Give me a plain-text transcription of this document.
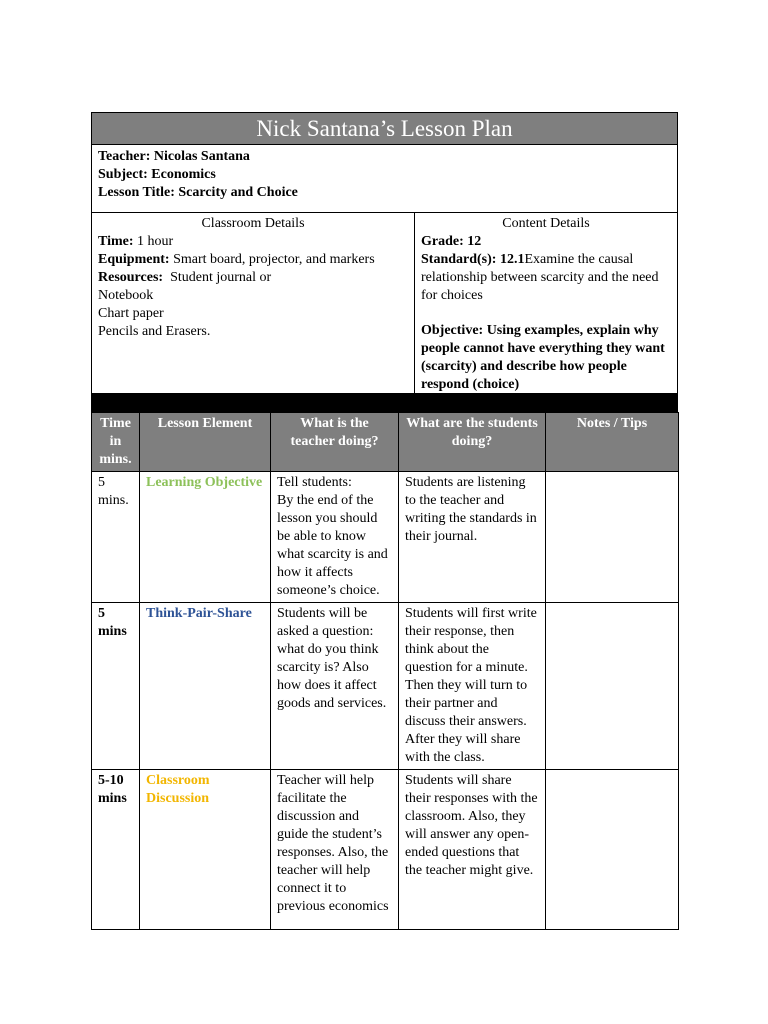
Nick Santana’s Lesson Plan
Teacher: Nicolas Santana
Subject: Economics
Lesson Title: Scarcity and Choice
Classroom Details
Time: 1 hour
Equipment: Smart board, projector, and markers
Resources:  Student journal or
Notebook
Chart paper
Pencils and Erasers.
Content Details
Grade: 12
Standard(s): 12.1Examine the causal relationship between scarcity and the need for choices
Objective: Using examples, explain why people cannot have everything they want (scarcity) and describe how people respond (choice)
Time in mins.	Lesson Element	What is the teacher doing?	What are the students doing?	Notes / Tips
5 mins.	Learning Objective	Tell students:
By the end of the lesson you should be able to know what scarcity is and how it affects someone’s choice.	Students are listening to the teacher and writing the standards in their journal.	
5 mins	Think-Pair-Share	Students will be asked a question: what do you think scarcity is? Also how does it affect goods and services.	Students will first write their response, then think about the question for a minute. Then they will turn to their partner and discuss their answers. After they will share with the class.	
5-10 mins	Classroom Discussion	Teacher will help facilitate the discussion and guide the student’s responses. Also, the teacher will help connect it to previous economics	Students will share their responses with the classroom. Also, they will answer any open-ended questions that the teacher might give.	
